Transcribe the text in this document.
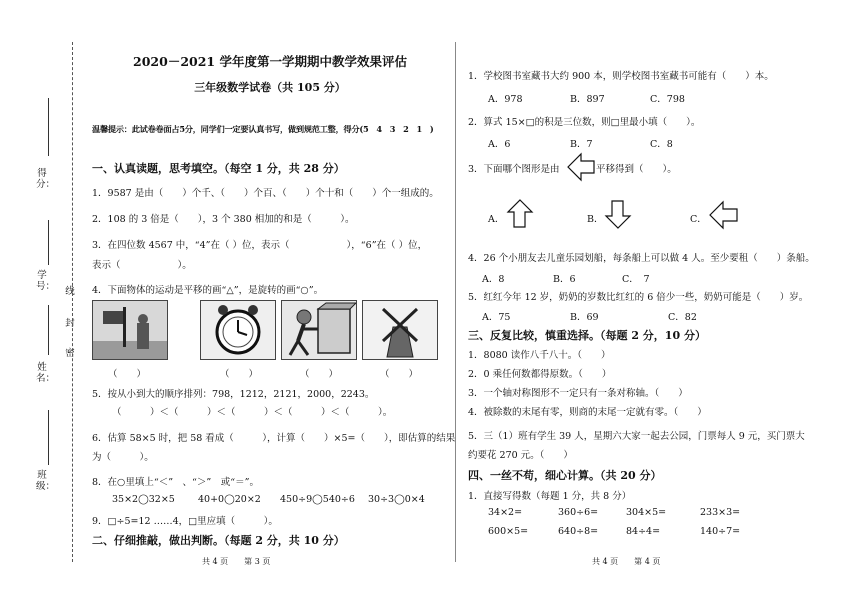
得分：
学号：
姓名：
班级：
线
封
密
2020－2021 学年度第一学期期中教学效果评估
三年级数学试卷（共 105 分）
温馨提示：此试卷卷面占5分，同学们一定要认真书写，做到规范工整，得分(5　4　3　2　1　)
一、认真读题，思考填空。（每空 1 分，共 28 分）
1．9587 是由（　　）个千、（　　）个百、（　　）个十和（　　）个一组成的。
2．108 的 3 倍是（　　），3 个 380 相加的和是（　　　）。
3．在四位数 4567 中，“4”在（ ）位，表示（　　　　　　），“6”在（ ）位，
表示（　　　　　　）。
4．下面物体的运动是平移的画“△”，是旋转的画“○”。
（　　）	（　　）	（　　）	（　　）
5．按从小到大的顺序排列：798，1212，2121，2000，2243。
（　　　）＜（　　　）＜（　　　）＜（　　　）＜（　　　）。
6．估算 58×5 时，把 58 看成（　　　），计算（　　）×5=（　　），即估算的结果
为（　　　）。
8．在○里填上“＜”　、“＞”　或“＝”。
35×2◯32×5 40+0◯20×2 450÷9◯540÷6 30÷3◯0×4
9．□÷5=12 ……4，□里应填（　　　）。
二、仔细推敲，做出判断。（每题 2 分，共 10 分）
共 4 页　　第 3 页
1．学校图书室藏书大约 900 本，则学校图书室藏书可能有（　　）本。
A．978	B．897	C．798
2．算式 15×□的积是三位数，则□里最小填（　　）。
A．6	B．7	C．8
3．下面哪个图形是由	平移得到（　　）。
A．	B．	C．
4．26 个小朋友去儿童乐园划船，每条船上可以做 4 人。至少要租（　　）条船。
A．8	B．6	C．　7
5．红红今年 12 岁，奶奶的岁数比红红的 6 倍少一些，奶奶可能是（　　）岁。
A．75	B．69	C．82
三、反复比较，慎重选择。（每题 2 分，10 分）
1．8080 读作八千八十。（　　）
2．0 乘任何数都得原数。（　　）
3．一个轴对称图形不一定只有一条对称轴。（　　）
4．被除数的末尾有零，则商的末尾一定就有零。（　　）
5．三（1）班有学生 39 人，星期六大家一起去公园，门票每人 9 元，买门票大
约要花 270 元。（　　）
四、一丝不苟，细心计算。（共 20 分）
1．直接写得数（每题 1 分，共 8 分）
34×2=	360÷6=	304×5=	233×3=
600×5=	640÷8=	84÷4=	140÷7=
共 4 页　　第 4 页
